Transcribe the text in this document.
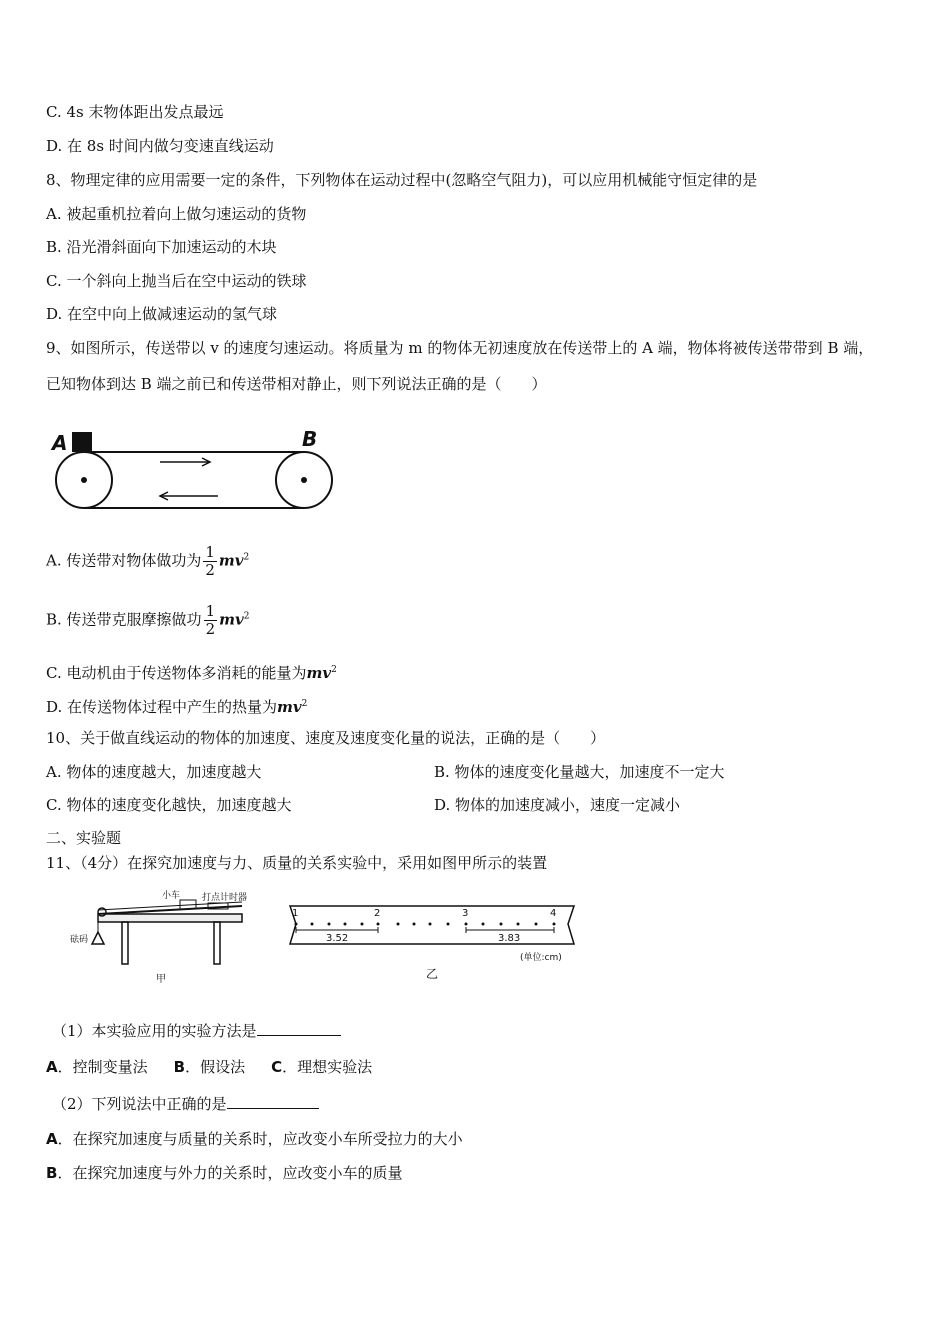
C. 4s 末物体距出发点最远
D. 在 8s 时间内做匀变速直线运动
8、物理定律的应用需要一定的条件，下列物体在运动过程中(忽略空气阻力)，可以应用机械能守恒定律的是
A. 被起重机拉着向上做匀速运动的货物
B. 沿光滑斜面向下加速运动的木块
C. 一个斜向上抛当后在空中运动的铁球
D. 在空中向上做减速运动的氢气球
9、如图所示，传送带以 v 的速度匀速运动。将质量为 m 的物体无初速度放在传送带上的 A 端，物体将被传送带带到 B 端，
已知物体到达 B 端之前已和传送带相对静止，则下列说法正确的是（　　）
A	B
A. 传送带对物体做功为 $\frac{1}{2} mv^2$
B. 传送带克服摩擦做功 $\frac{1}{2} mv^2$
C. 电动机由于传送物体多消耗的能量为$mv^2$
D. 在传送物体过程中产生的热量为$mv^2$
10、关于做直线运动的物体的加速度、速度及速度变化量的说法，正确的是（　　）
A. 物体的速度越大，加速度越大	B. 物体的速度变化量越大，加速度不一定大
C. 物体的速度变化越快，加速度越大	D. 物体的加速度减小，速度一定减小
二、实验题
11、（4分）在探究加速度与力、质量的关系实验中，采用如图甲所示的装置
小车 打点计时器
砝码
甲
1	2	3	4
3.52	3.83
(单位:cm)
乙
（1）本实验应用的实验方法是
A．控制变量法 B．假设法 C．理想实验法
（2）下列说法中正确的是
A．在探究加速度与质量的关系时，应改变小车所受拉力的大小
B．在探究加速度与外力的关系时，应改变小车的质量
